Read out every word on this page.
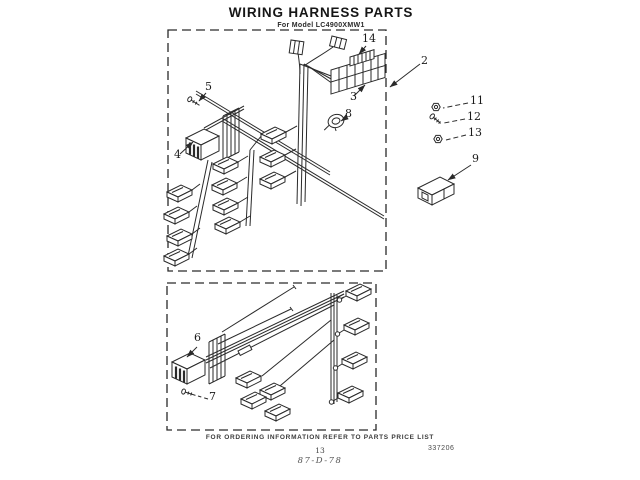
WIRING HARNESS PARTS
For Model LC4900XMW1
14
2
5
3
8
4
11
12
13
9
6
7
FOR ORDERING INFORMATION REFER TO PARTS PRICE LIST
13
87-D-78
337206
